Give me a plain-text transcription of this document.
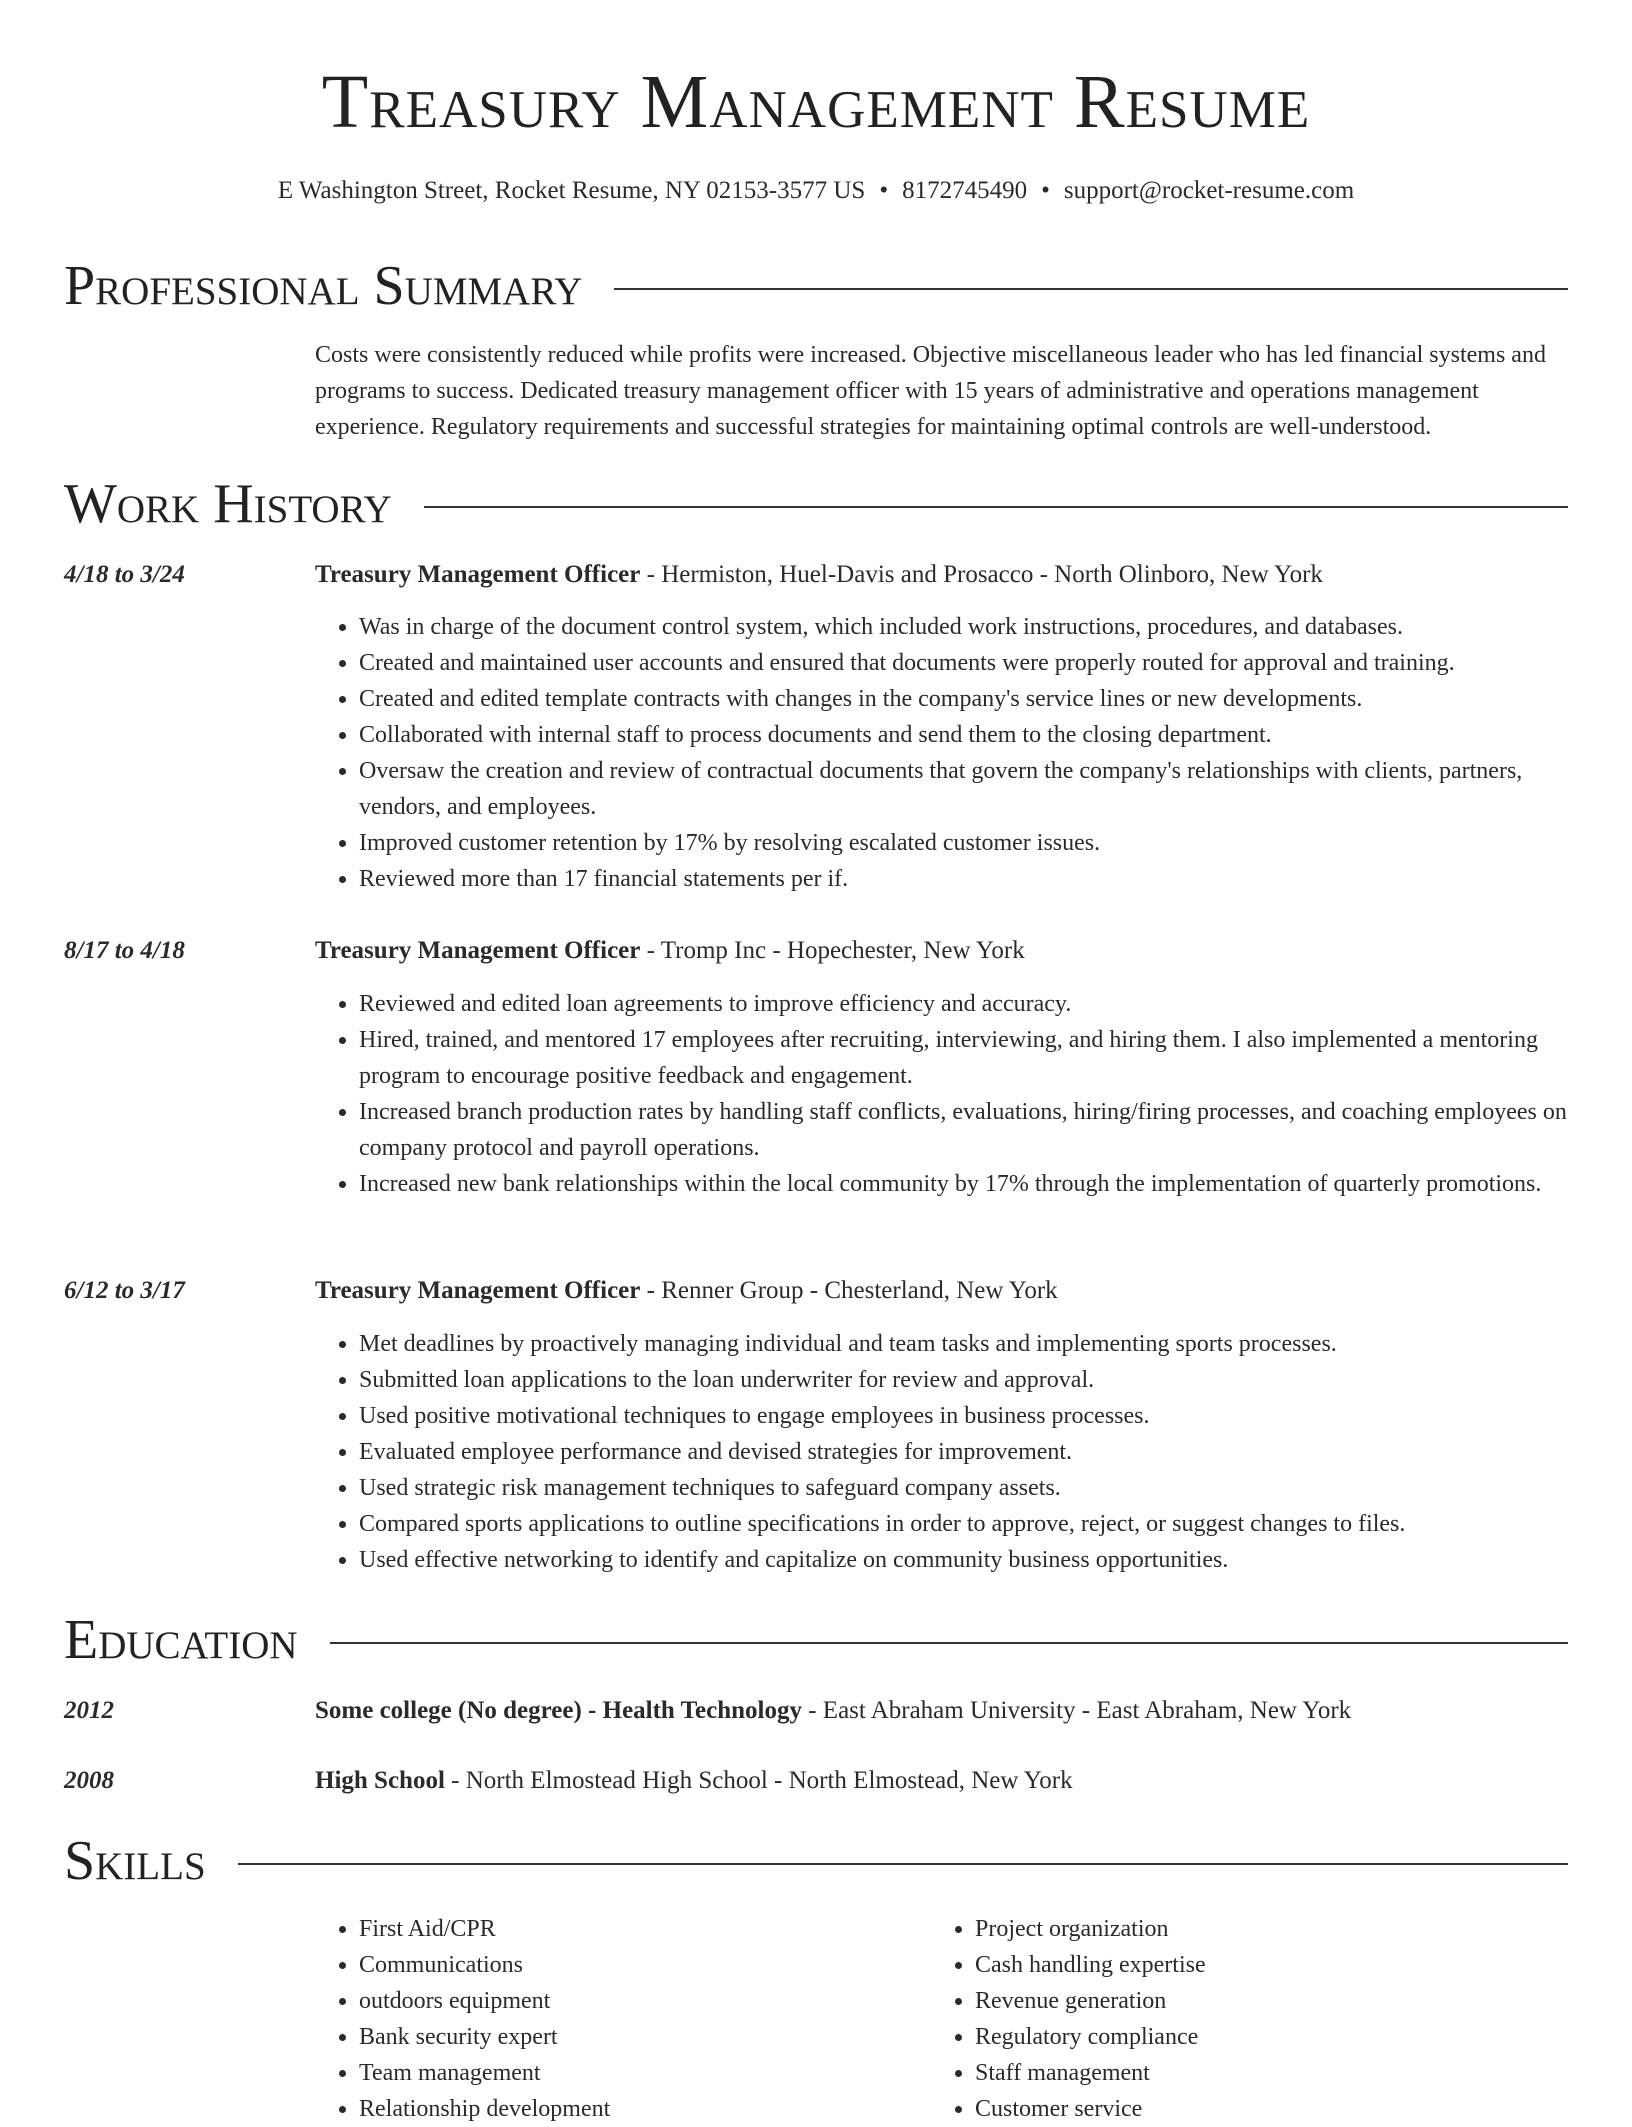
Treasury Management Resume
E Washington Street, Rocket Resume, NY 02153-3577 US • 8172745490 • support@rocket-resume.com
Professional Summary
Costs were consistently reduced while profits were increased. Objective miscellaneous leader who has led financial systems and programs to success. Dedicated treasury management officer with 15 years of administrative and operations management experience. Regulatory requirements and successful strategies for maintaining optimal controls are well-understood.
Work History
4/18 to 3/24	Treasury Management Officer - Hermiston, Huel-Davis and Prosacco - North Olinboro, New York
• Was in charge of the document control system, which included work instructions, procedures, and databases.
• Created and maintained user accounts and ensured that documents were properly routed for approval and training.
• Created and edited template contracts with changes in the company's service lines or new developments.
• Collaborated with internal staff to process documents and send them to the closing department.
• Oversaw the creation and review of contractual documents that govern the company's relationships with clients, partners, vendors, and employees.
• Improved customer retention by 17% by resolving escalated customer issues.
• Reviewed more than 17 financial statements per if.
8/17 to 4/18	Treasury Management Officer - Tromp Inc - Hopechester, New York
• Reviewed and edited loan agreements to improve efficiency and accuracy.
• Hired, trained, and mentored 17 employees after recruiting, interviewing, and hiring them. I also implemented a mentoring program to encourage positive feedback and engagement.
• Increased branch production rates by handling staff conflicts, evaluations, hiring/firing processes, and coaching employees on company protocol and payroll operations.
• Increased new bank relationships within the local community by 17% through the implementation of quarterly promotions.
6/12 to 3/17	Treasury Management Officer - Renner Group - Chesterland, New York
• Met deadlines by proactively managing individual and team tasks and implementing sports processes.
• Submitted loan applications to the loan underwriter for review and approval.
• Used positive motivational techniques to engage employees in business processes.
• Evaluated employee performance and devised strategies for improvement.
• Used strategic risk management techniques to safeguard company assets.
• Compared sports applications to outline specifications in order to approve, reject, or suggest changes to files.
• Used effective networking to identify and capitalize on community business opportunities.
Education
2012	Some college (No degree) - Health Technology - East Abraham University - East Abraham, New York
2008	High School - North Elmostead High School - North Elmostead, New York
Skills
• First Aid/CPR
• Communications
• outdoors equipment
• Bank security expert
• Team management
• Relationship development
• Project organization
• Cash handling expertise
• Revenue generation
• Regulatory compliance
• Staff management
• Customer service
